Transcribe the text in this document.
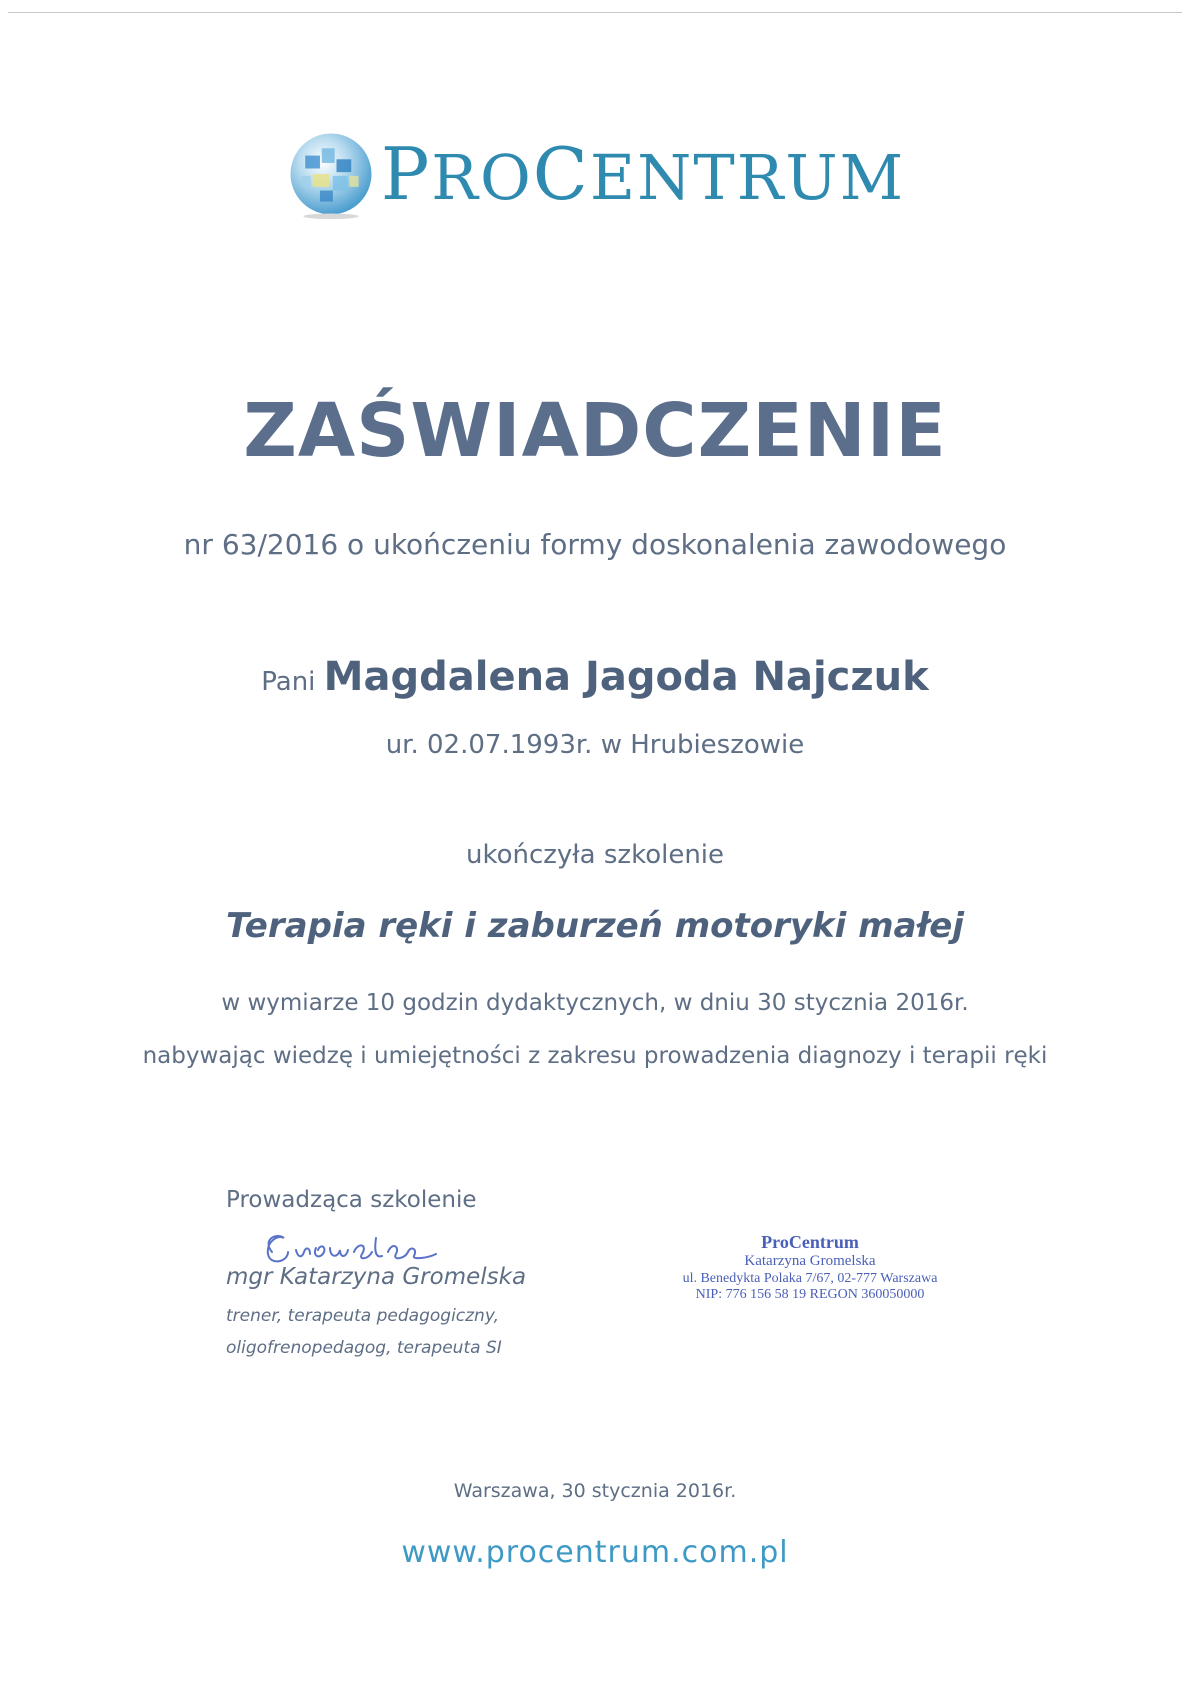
PROCENTRUM
ZAŚWIADCZENIE
nr 63/2016 o ukończeniu formy doskonalenia zawodowego
Pani Magdalena Jagoda Najczuk
ur. 02.07.1993r. w Hrubieszowie
ukończyła szkolenie
Terapia ręki i zaburzeń motoryki małej
w wymiarze 10 godzin dydaktycznych, w dniu 30 stycznia 2016r.
nabywając wiedzę i umiejętności z zakresu prowadzenia diagnozy i terapii ręki
Prowadząca szkolenie
mgr Katarzyna Gromelska
trener, terapeuta pedagogiczny,
oligofrenopedagog, terapeuta SI
ProCentrum
Katarzyna Gromelska
ul. Benedykta Polaka 7/67, 02-777 Warszawa
NIP: 776 156 58 19 REGON 360050000
Warszawa, 30 stycznia 2016r.
www.procentrum.com.pl
